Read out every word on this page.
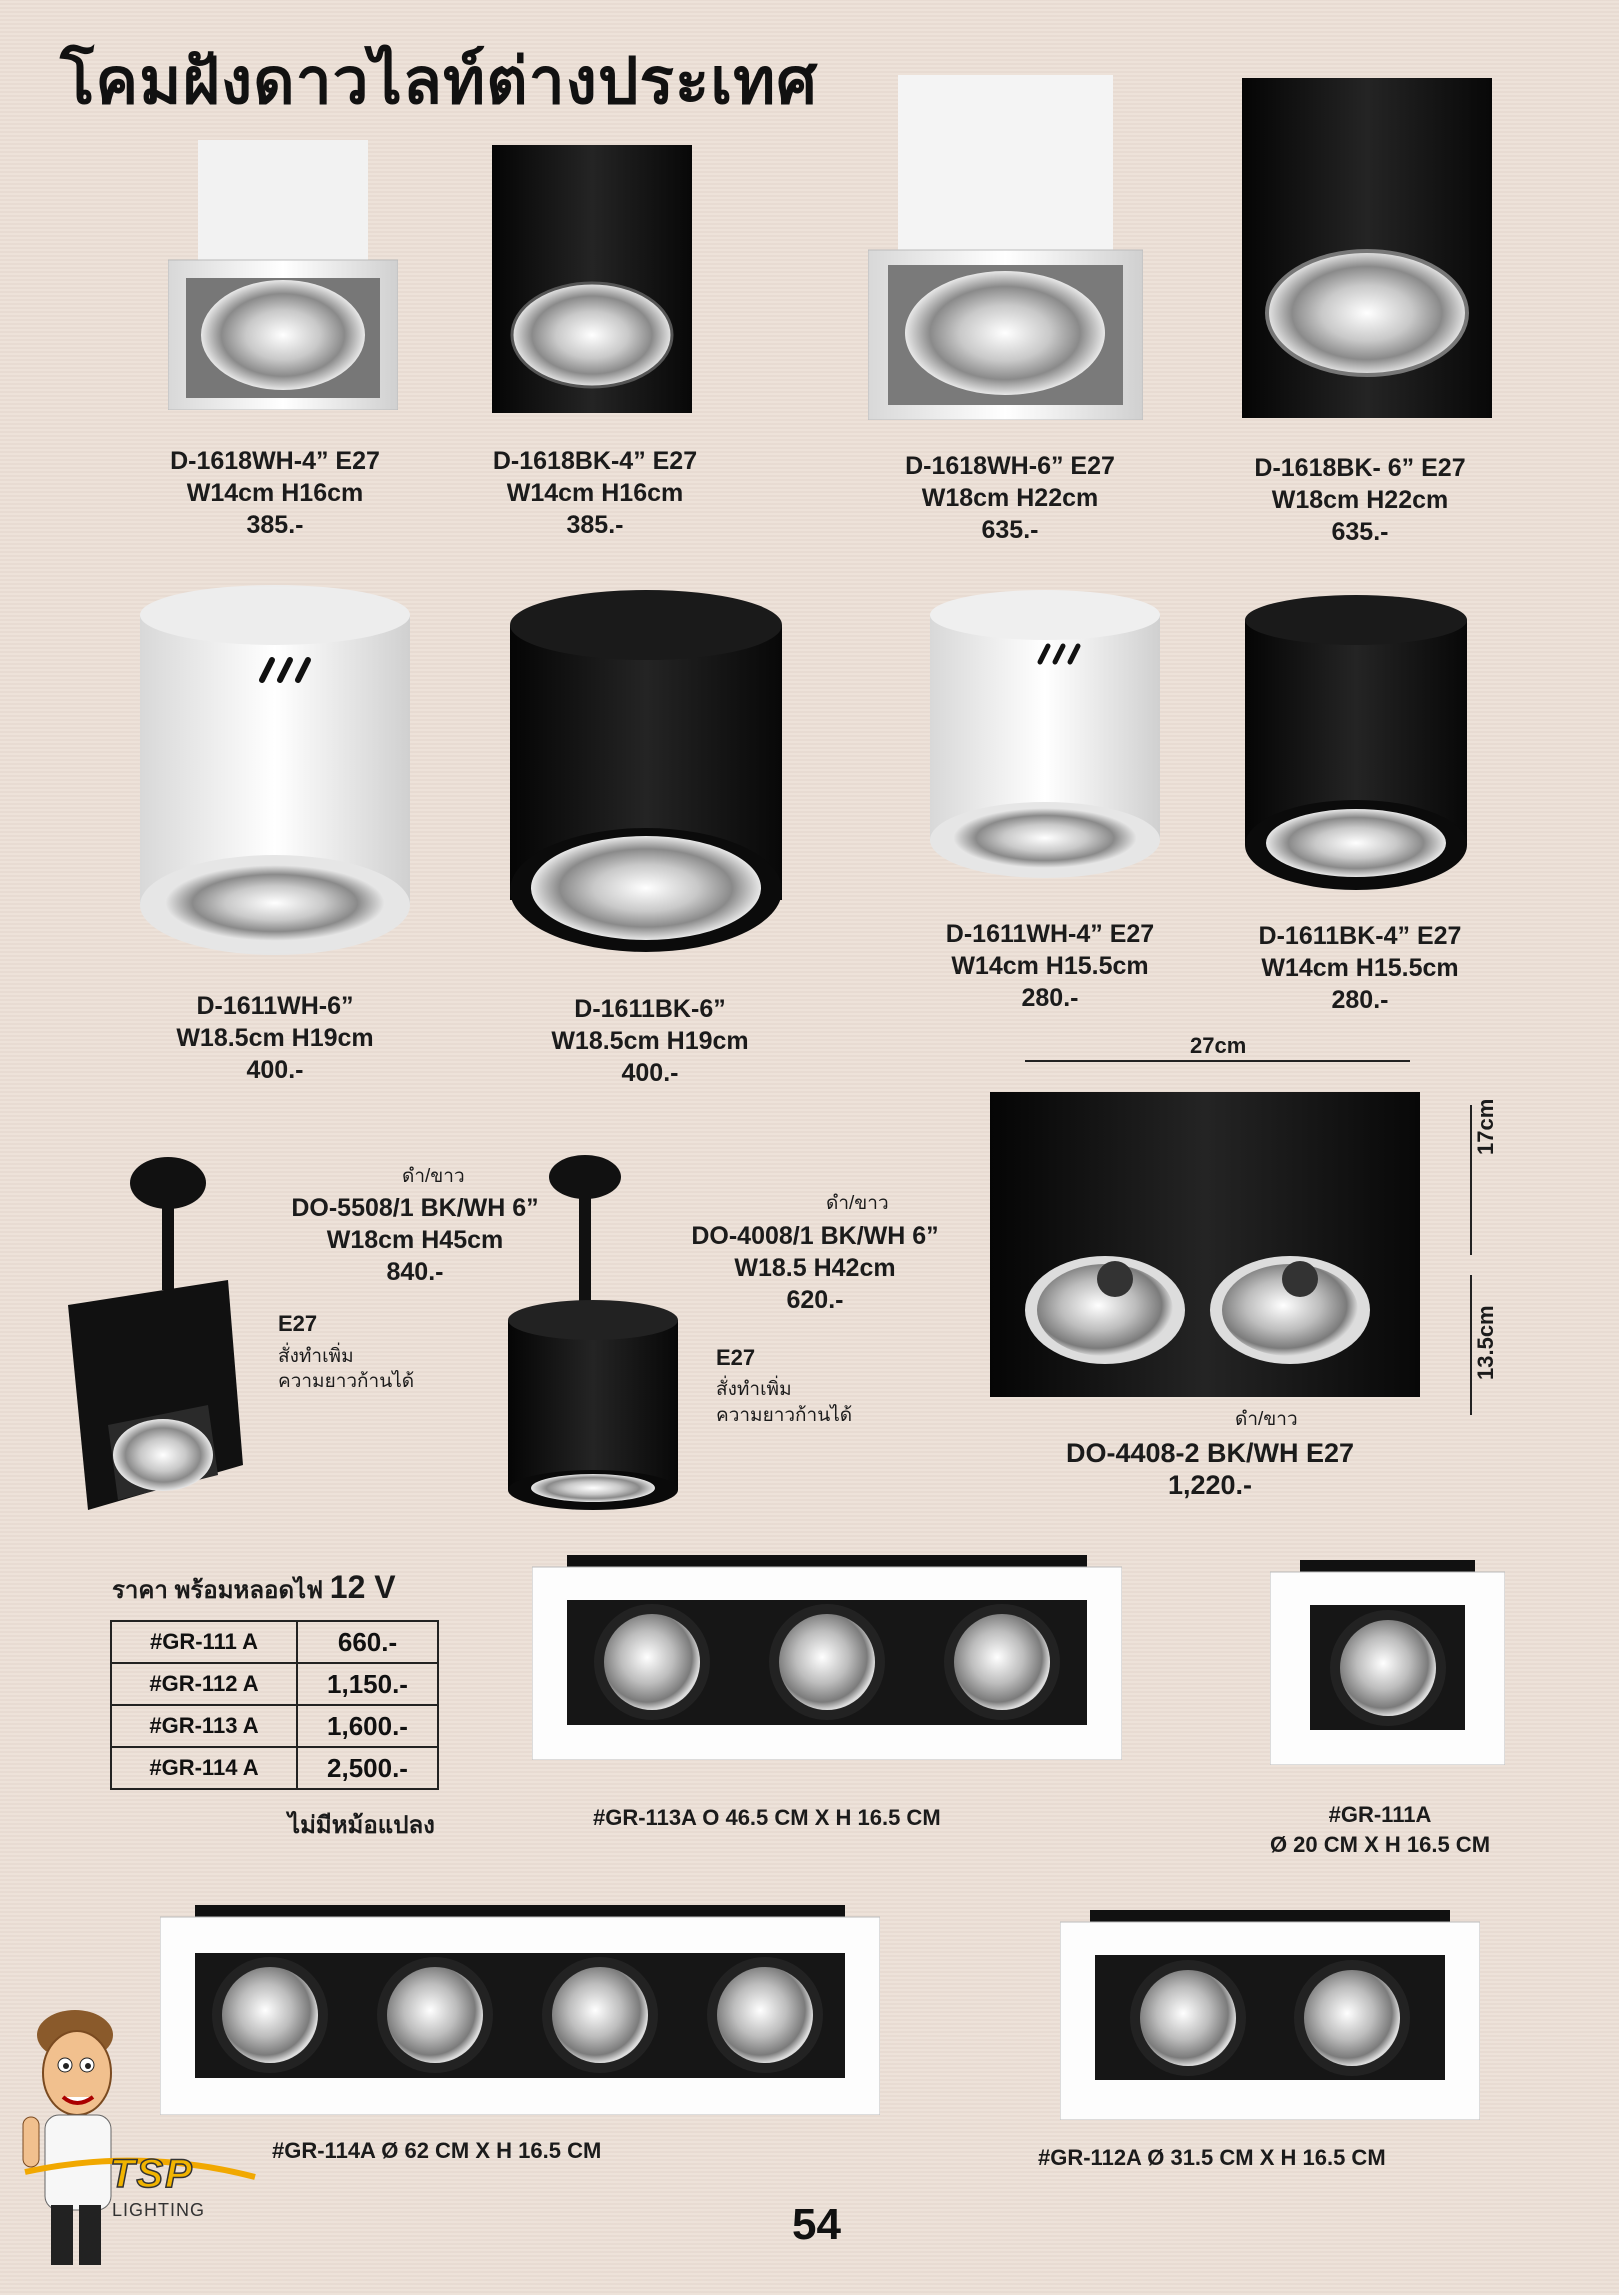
โคมฝังดาวไลท์ต่างประเทศ
D-1618WH-4” E27
W14cm H16cm
385.-
D-1618BK-4” E27
W14cm H16cm
385.-
D-1618WH-6” E27
W18cm H22cm
635.-
D-1618BK- 6” E27
W18cm H22cm
635.-
D-1611WH-6”
W18.5cm H19cm
400.-
D-1611BK-6”
W18.5cm H19cm
400.-
D-1611WH-4” E27
W14cm H15.5cm
280.-
D-1611BK-4” E27
W14cm H15.5cm
280.-
ดำ/ขาว
DO-5508/1 BK/WH 6”
W18cm H45cm
840.-
E27
สั่งทำเพิ่ม
ความยาวก้านได้
ดำ/ขาว
DO-4008/1 BK/WH 6”
W18.5 H42cm
620.-
E27
สั่งทำเพิ่ม
ความยาวก้านได้
27cm
17cm
13.5cm
ดำ/ขาว
DO-4408-2 BK/WH E27
1,220.-
ราคา พร้อมหลอดไฟ 12 V
#GR-111 A	660.-
#GR-112 A	1,150.-
#GR-113 A	1,600.-
#GR-114 A	2,500.-
ไม่มีหม้อแปลง	#GR-113A O 46.5 CM X H 16.5 CM	#GR-111A
Ø 20 CM X H 16.5 CM
#GR-114A Ø 62 CM X H 16.5 CM	#GR-112A Ø 31.5 CM X H 16.5 CM
TSP
LIGHTING	54
